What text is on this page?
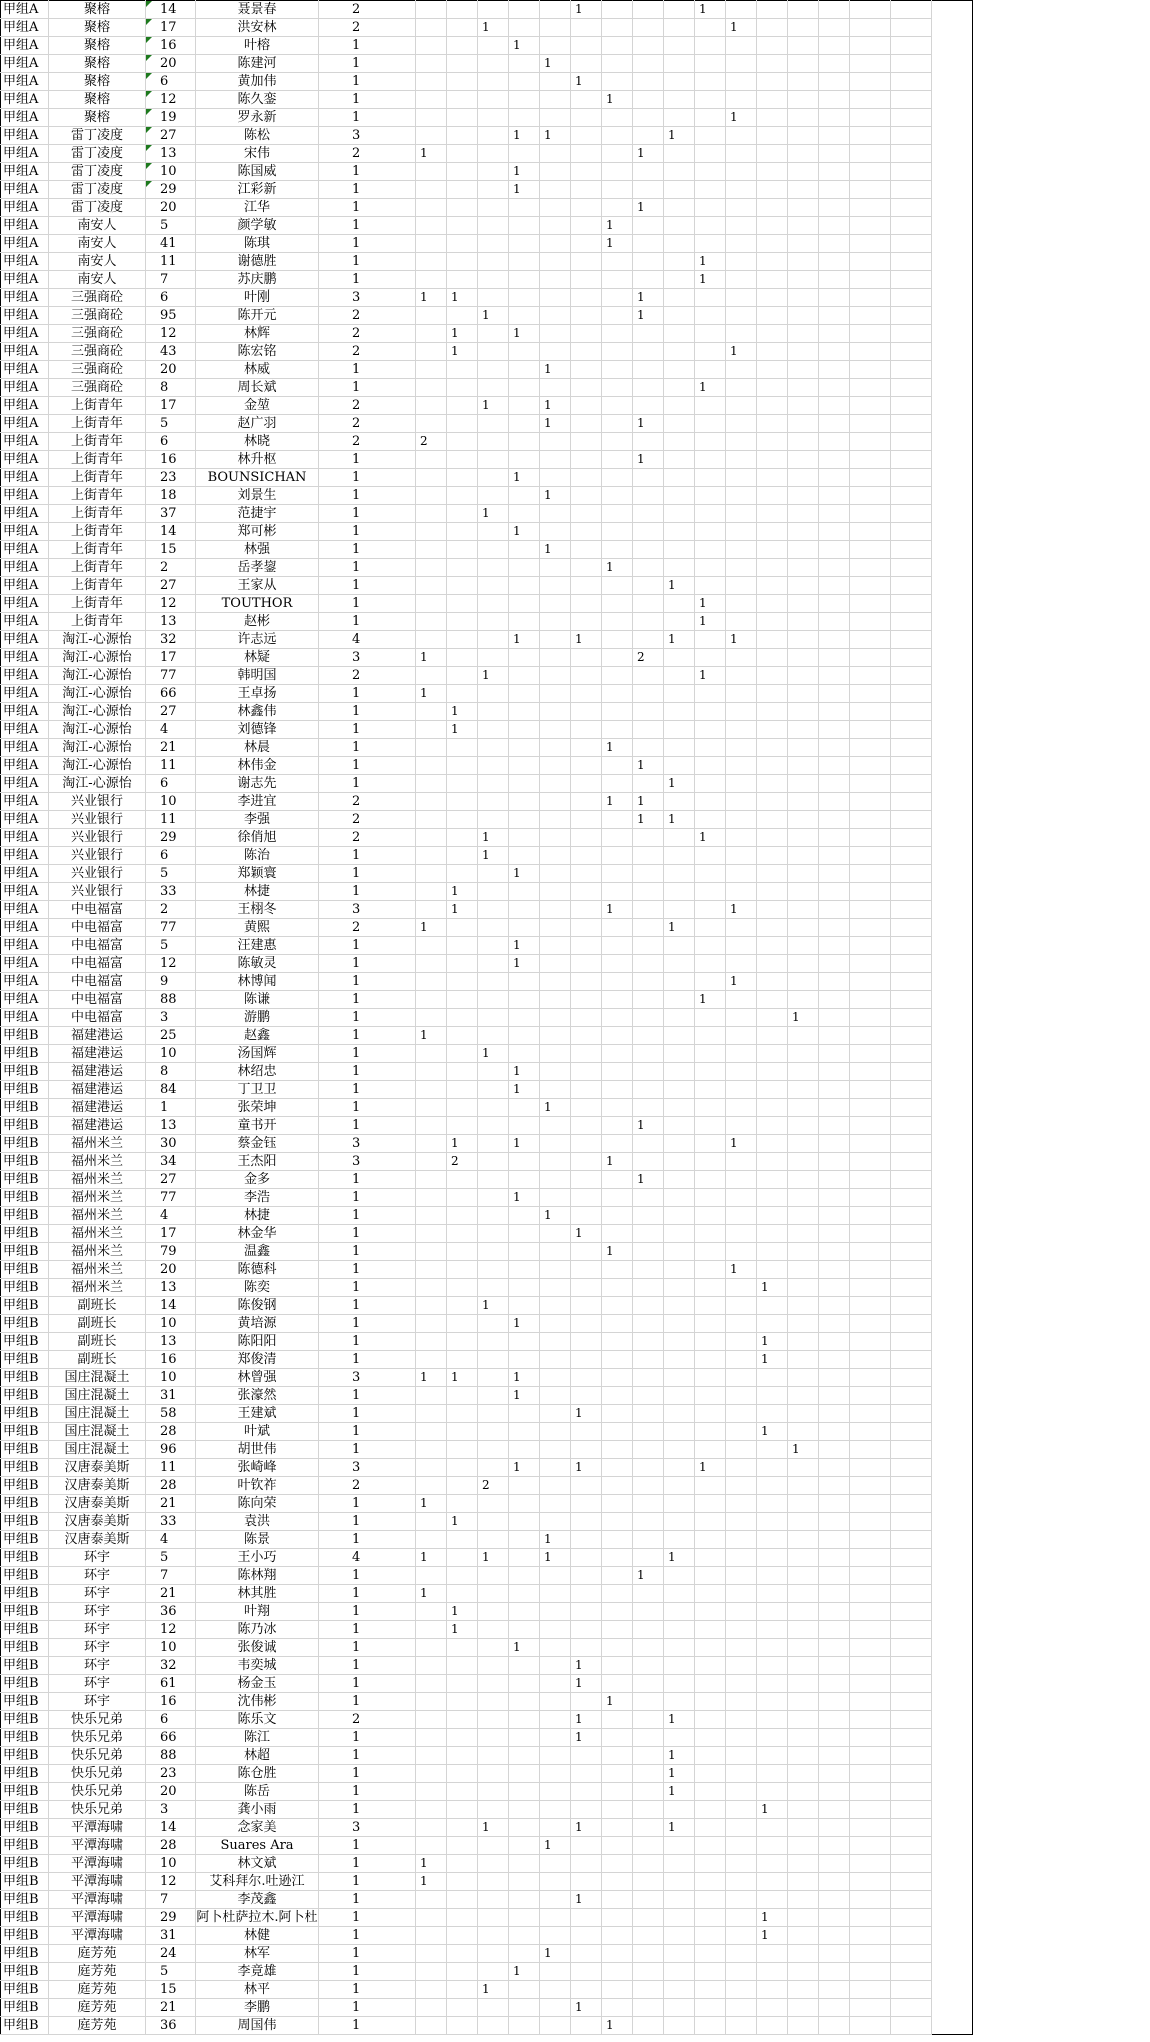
甲组A	聚榕	14	聂景春	2						1				1						
甲组A	聚榕	17	洪安林	2			1								1					
甲组A	聚榕	16	叶榕	1				1												
甲组A	聚榕	20	陈建河	1					1											
甲组A	聚榕	6	黄加伟	1						1										
甲组A	聚榕	12	陈久銮	1							1									
甲组A	聚榕	19	罗永新	1											1					
甲组A	雷丁凌度	27	陈松	3				1	1				1							
甲组A	雷丁凌度	13	宋伟	2	1							1								
甲组A	雷丁凌度	10	陈国威	1				1												
甲组A	雷丁凌度	29	江彩新	1				1												
甲组A	雷丁凌度	20	江华	1								1								
甲组A	南安人	5	颜学敏	1							1									
甲组A	南安人	41	陈琪	1							1									
甲组A	南安人	11	谢德胜	1										1						
甲组A	南安人	7	苏庆鹏	1										1						
甲组A	三强商砼	6	叶刚	3	1	1						1								
甲组A	三强商砼	95	陈开元	2			1					1								
甲组A	三强商砼	12	林辉	2		1		1												
甲组A	三强商砼	43	陈宏铭	2		1									1					
甲组A	三强商砼	20	林威	1					1											
甲组A	三强商砼	8	周长斌	1										1						
甲组A	上街青年	17	金堃	2			1		1											
甲组A	上街青年	5	赵广羽	2					1			1								
甲组A	上街青年	6	林晓	2	2															
甲组A	上街青年	16	林升枢	1								1								
甲组A	上街青年	23	BOUNSICHAN	1				1												
甲组A	上街青年	18	刘景生	1					1											
甲组A	上街青年	37	范捷宇	1			1													
甲组A	上街青年	14	郑可彬	1				1												
甲组A	上街青年	15	林强	1					1											
甲组A	上街青年	2	岳孝鋆	1							1									
甲组A	上街青年	27	王家从	1									1							
甲组A	上街青年	12	TOUTHOR	1										1						
甲组A	上街青年	13	赵彬	1										1						
甲组A	淘江-心源怡	32	许志远	4				1		1			1		1					
甲组A	淘江-心源怡	17	林疑	3	1							2								
甲组A	淘江-心源怡	77	韩明国	2			1							1						
甲组A	淘江-心源怡	66	王卓扬	1	1															
甲组A	淘江-心源怡	27	林鑫伟	1		1														
甲组A	淘江-心源怡	4	刘德锋	1		1														
甲组A	淘江-心源怡	21	林晨	1							1									
甲组A	淘江-心源怡	11	林伟金	1								1								
甲组A	淘江-心源怡	6	谢志先	1									1							
甲组A	兴业银行	10	李进宜	2							1	1								
甲组A	兴业银行	11	李强	2								1	1							
甲组A	兴业银行	29	徐俏旭	2			1							1						
甲组A	兴业银行	6	陈治	1			1													
甲组A	兴业银行	5	郑颖寰	1				1												
甲组A	兴业银行	33	林捷	1		1														
甲组A	中电福富	2	王栩冬	3		1					1				1					
甲组A	中电福富	77	黄熙	2	1								1							
甲组A	中电福富	5	汪建惠	1				1												
甲组A	中电福富	12	陈敏灵	1				1												
甲组A	中电福富	9	林博闻	1											1					
甲组A	中电福富	88	陈谦	1										1						
甲组A	中电福富	3	游鹏	1													1			
甲组B	福建港运	25	赵鑫	1	1															
甲组B	福建港运	10	汤国辉	1			1													
甲组B	福建港运	8	林绍忠	1				1												
甲组B	福建港运	84	丁卫卫	1				1												
甲组B	福建港运	1	张荣坤	1					1											
甲组B	福建港运	13	童书开	1								1								
甲组B	福州米兰	30	蔡金钰	3		1		1							1					
甲组B	福州米兰	34	王杰阳	3		2					1									
甲组B	福州米兰	27	金多	1								1								
甲组B	福州米兰	77	李浩	1				1												
甲组B	福州米兰	4	林捷	1					1											
甲组B	福州米兰	17	林金华	1						1										
甲组B	福州米兰	79	温鑫	1							1									
甲组B	福州米兰	20	陈德科	1											1					
甲组B	福州米兰	13	陈奕	1												1				
甲组B	副班长	14	陈俊钢	1			1													
甲组B	副班长	10	黄培源	1				1												
甲组B	副班长	13	陈阳阳	1												1				
甲组B	副班长	16	郑俊清	1												1				
甲组B	国庄混凝土	10	林曾强	3	1	1		1												
甲组B	国庄混凝土	31	张濠然	1				1												
甲组B	国庄混凝土	58	王建斌	1						1										
甲组B	国庄混凝土	28	叶斌	1												1				
甲组B	国庄混凝土	96	胡世伟	1													1			
甲组B	汉唐泰美斯	11	张崎峰	3				1		1				1						
甲组B	汉唐泰美斯	28	叶钦祚	2			2													
甲组B	汉唐泰美斯	21	陈向荣	1	1															
甲组B	汉唐泰美斯	33	袁洪	1		1														
甲组B	汉唐泰美斯	4	陈景	1					1											
甲组B	环宇	5	王小巧	4	1		1		1				1							
甲组B	环宇	7	陈林翔	1								1								
甲组B	环宇	21	林其胜	1	1															
甲组B	环宇	36	叶翔	1		1														
甲组B	环宇	12	陈乃冰	1		1														
甲组B	环宇	10	张俊诚	1				1												
甲组B	环宇	32	韦奕城	1						1										
甲组B	环宇	61	杨金玉	1						1										
甲组B	环宇	16	沈伟彬	1							1									
甲组B	快乐兄弟	6	陈乐文	2						1			1							
甲组B	快乐兄弟	66	陈江	1						1										
甲组B	快乐兄弟	88	林超	1									1							
甲组B	快乐兄弟	23	陈仓胜	1									1							
甲组B	快乐兄弟	20	陈岳	1									1							
甲组B	快乐兄弟	3	龚小雨	1												1				
甲组B	平潭海啸	14	念家美	3			1			1			1							
甲组B	平潭海啸	28	Suares Ara	1					1											
甲组B	平潭海啸	10	林文斌	1	1															
甲组B	平潭海啸	12	艾科拜尔.吐逊江	1	1															
甲组B	平潭海啸	7	李茂鑫	1						1										
甲组B	平潭海啸	29	阿卜杜萨拉木.阿卜杜	1												1				
甲组B	平潭海啸	31	林健	1												1				
甲组B	庭芳苑	24	林军	1					1											
甲组B	庭芳苑	5	李竟雄	1				1												
甲组B	庭芳苑	15	林平	1			1													
甲组B	庭芳苑	21	李鹏	1						1										
甲组B	庭芳苑	36	周国伟	1							1									
